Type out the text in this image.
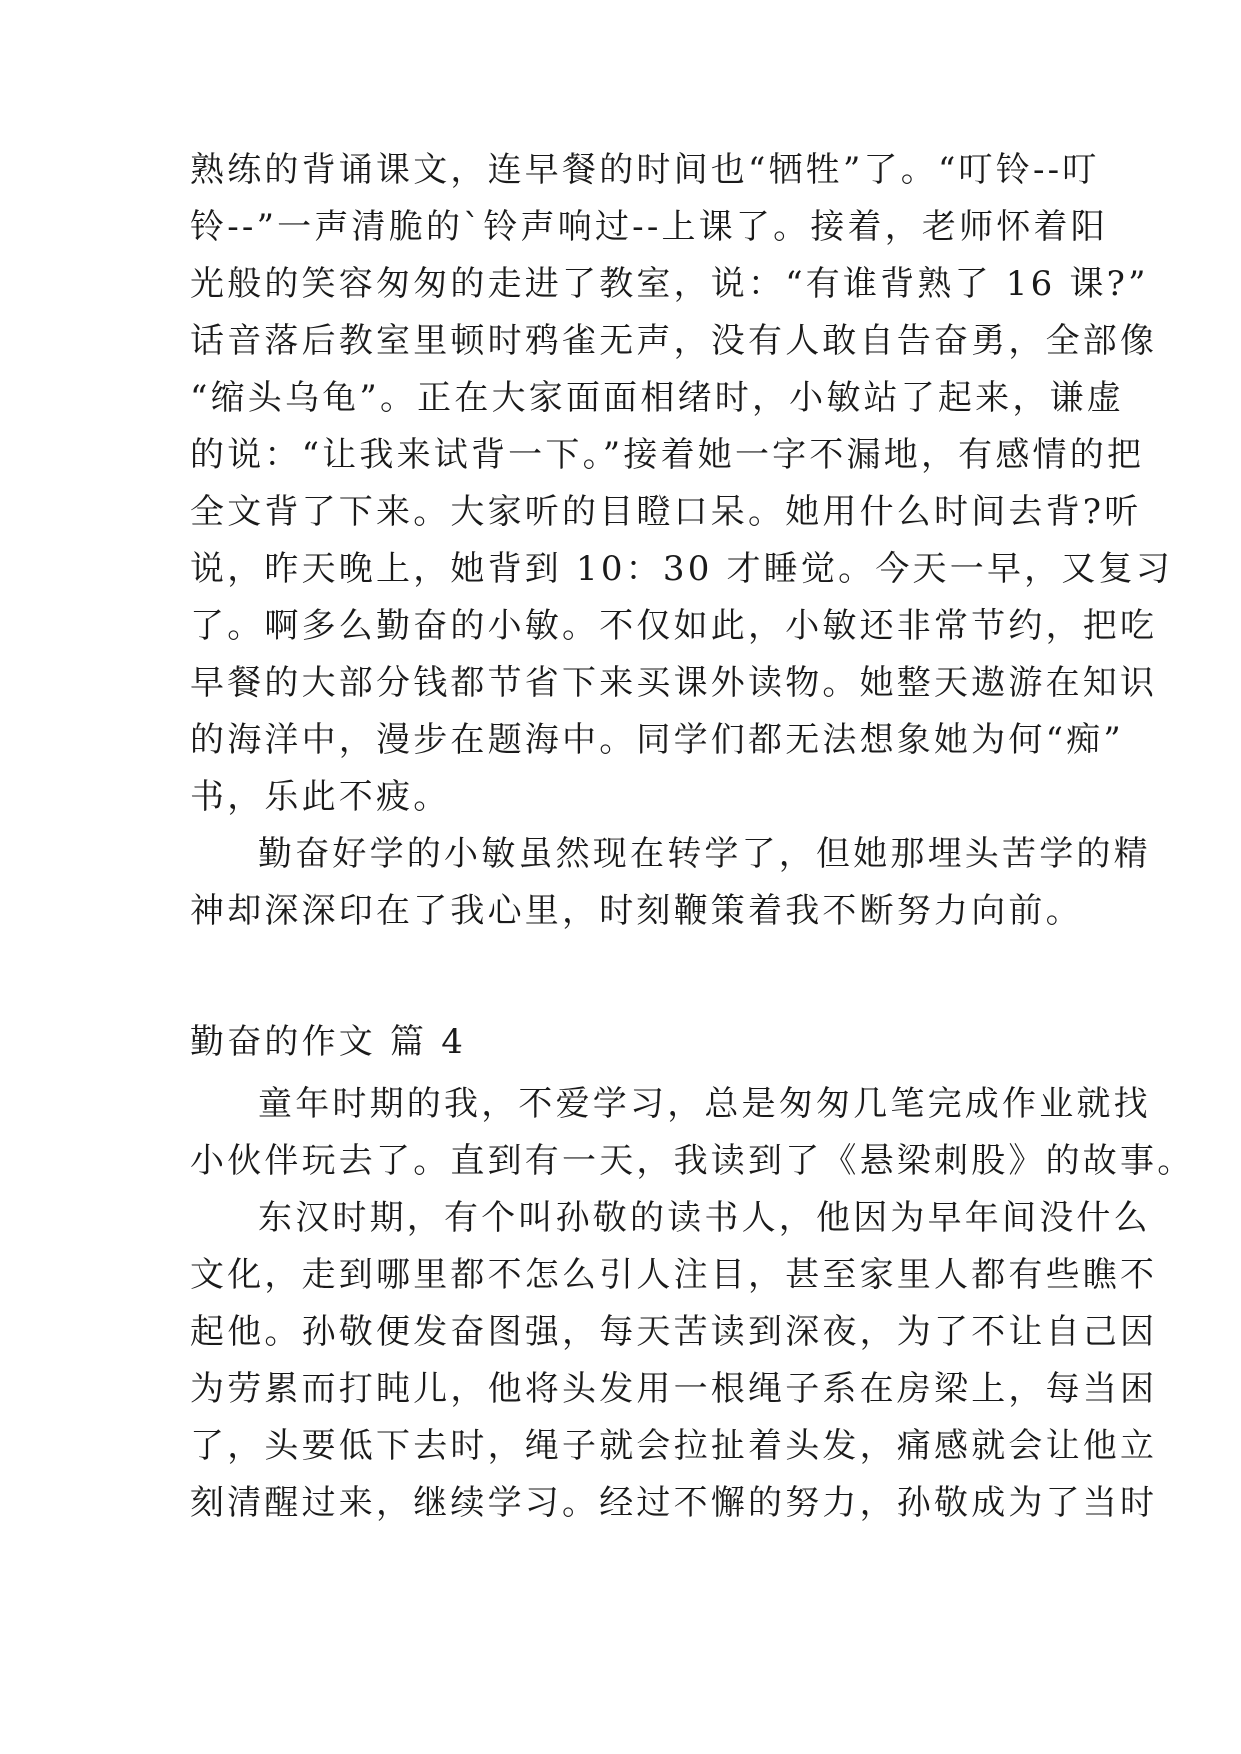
熟练的背诵课文，连早餐的时间也“牺牲”了。“叮铃--叮
铃--”一声清脆的`铃声响过--上课了。接着，老师怀着阳
光般的笑容匆匆的走进了教室，说：“有谁背熟了 16 课?”
话音落后教室里顿时鸦雀无声，没有人敢自告奋勇，全部像
“缩头乌龟”。正在大家面面相绪时，小敏站了起来，谦虚
的说：“让我来试背一下。”接着她一字不漏地，有感情的把
全文背了下来。大家听的目瞪口呆。她用什么时间去背?听
说，昨天晚上，她背到 10：30 才睡觉。今天一早，又复习
了。啊多么勤奋的小敏。不仅如此，小敏还非常节约，把吃
早餐的大部分钱都节省下来买课外读物。她整天遨游在知识
的海洋中，漫步在题海中。同学们都无法想象她为何“痴”
书，乐此不疲。
勤奋好学的小敏虽然现在转学了，但她那埋头苦学的精
神却深深印在了我心里，时刻鞭策着我不断努力向前。
勤奋的作文 篇 4
童年时期的我，不爱学习，总是匆匆几笔完成作业就找
小伙伴玩去了。直到有一天，我读到了《悬梁刺股》的故事。
东汉时期，有个叫孙敬的读书人，他因为早年间没什么
文化，走到哪里都不怎么引人注目，甚至家里人都有些瞧不
起他。孙敬便发奋图强，每天苦读到深夜，为了不让自己因
为劳累而打盹儿，他将头发用一根绳子系在房梁上，每当困
了，头要低下去时，绳子就会拉扯着头发，痛感就会让他立
刻清醒过来，继续学习。经过不懈的努力，孙敬成为了当时
